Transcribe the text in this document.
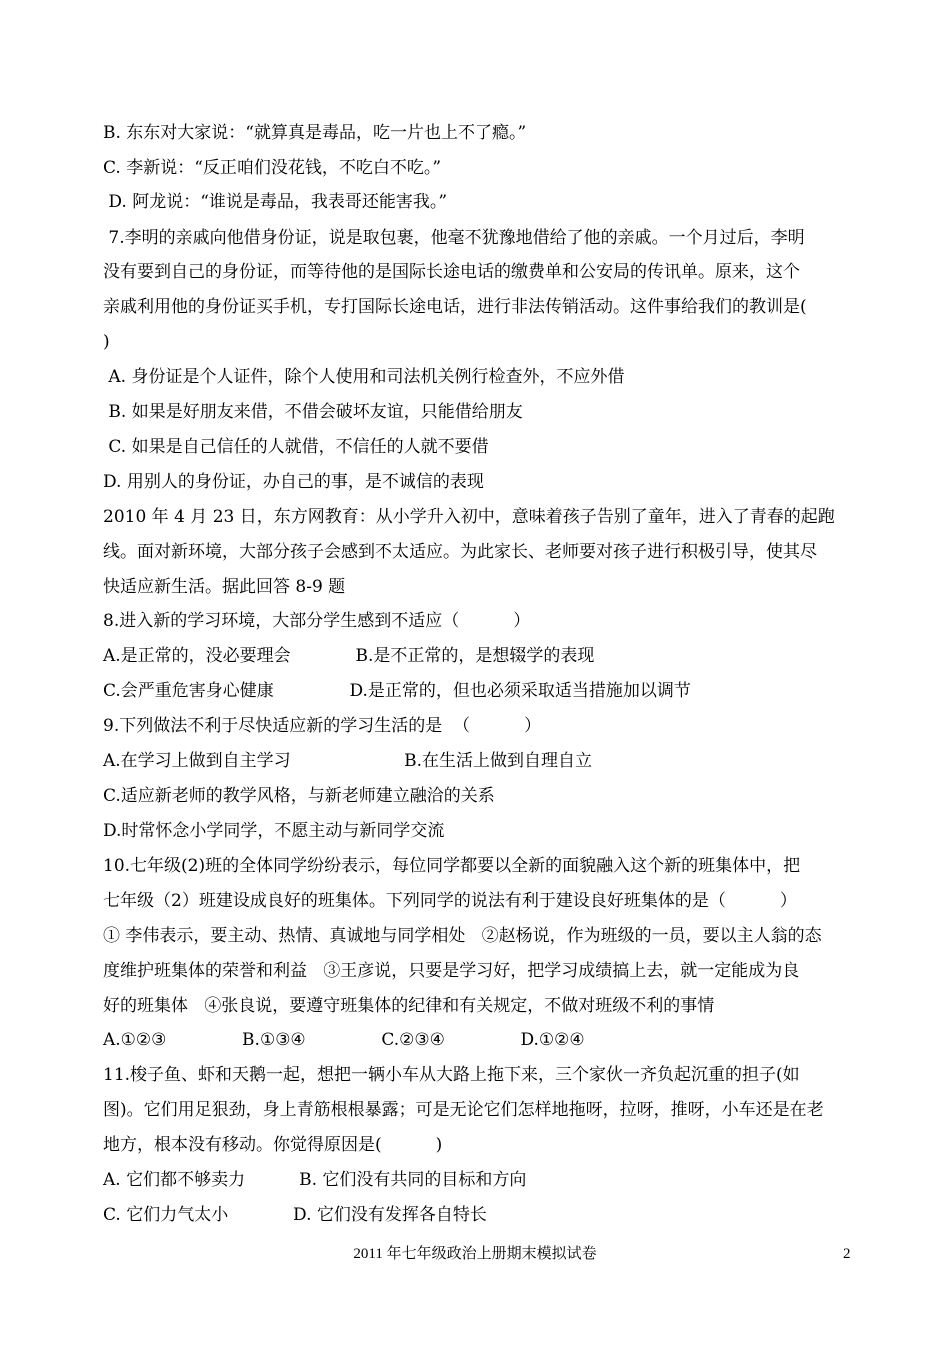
B. 东东对大家说：“就算真是毒品，吃一片也上不了瘾。”
C. 李新说：“反正咱们没花钱，不吃白不吃。”
D. 阿龙说：“谁说是毒品，我表哥还能害我。”
7.李明的亲戚向他借身份证，说是取包裹，他毫不犹豫地借给了他的亲戚。一个月过后，李明
没有要到自己的身份证，而等待他的是国际长途电话的缴费单和公安局的传讯单。原来，这个
亲戚利用他的身份证买手机，专打国际长途电话，进行非法传销活动。这件事给我们的教训是(
)
A. 身份证是个人证件，除个人使用和司法机关例行检查外，不应外借
B. 如果是好朋友来借，不借会破坏友谊，只能借给朋友
C. 如果是自己信任的人就借，不信任的人就不要借
D. 用别人的身份证，办自己的事，是不诚信的表现
2010 年 4 月 23 日，东方网教育：从小学升入初中，意味着孩子告别了童年，进入了青春的起跑
线。面对新环境，大部分孩子会感到不太适应。为此家长、老师要对孩子进行积极引导，使其尽
快适应新生活。据此回答 8-9 题
8.进入新的学习环境，大部分学生感到不适应（          ）
A.是正常的，没必要理会            B.是不正常的，是想辍学的表现
C.会严重危害身心健康              D.是正常的，但也必须采取适当措施加以调节
9.下列做法不利于尽快适应新的学习生活的是  （          ）
A.在学习上做到自主学习                     B.在生活上做到自理自立
C.适应新老师的教学风格，与新老师建立融洽的关系
D.时常怀念小学同学，不愿主动与新同学交流
10.七年级(2)班的全体同学纷纷表示，每位同学都要以全新的面貌融入这个新的班集体中，把
七年级（2）班建设成良好的班集体。下列同学的说法有利于建设良好班集体的是（          ）
① 李伟表示，要主动、热情、真诚地与同学相处   ②赵杨说，作为班级的一员，要以主人翁的态
度维护班集体的荣誉和利益   ③王彦说，只要是学习好，把学习成绩搞上去，就一定能成为良
好的班集体   ④张良说，要遵守班集体的纪律和有关规定，不做对班级不利的事情
A.①②③              B.①③④              C.②③④              D.①②④
11.梭子鱼、虾和天鹅一起，想把一辆小车从大路上拖下来，三个家伙一齐负起沉重的担子(如
图)。它们用足狠劲，身上青筋根根暴露；可是无论它们怎样地拖呀，拉呀，推呀，小车还是在老
地方，根本没有移动。你觉得原因是(          )
A. 它们都不够卖力          B. 它们没有共同的目标和方向
C. 它们力气太小            D. 它们没有发挥各自特长
2011 年七年级政治上册期末模拟试卷	2
